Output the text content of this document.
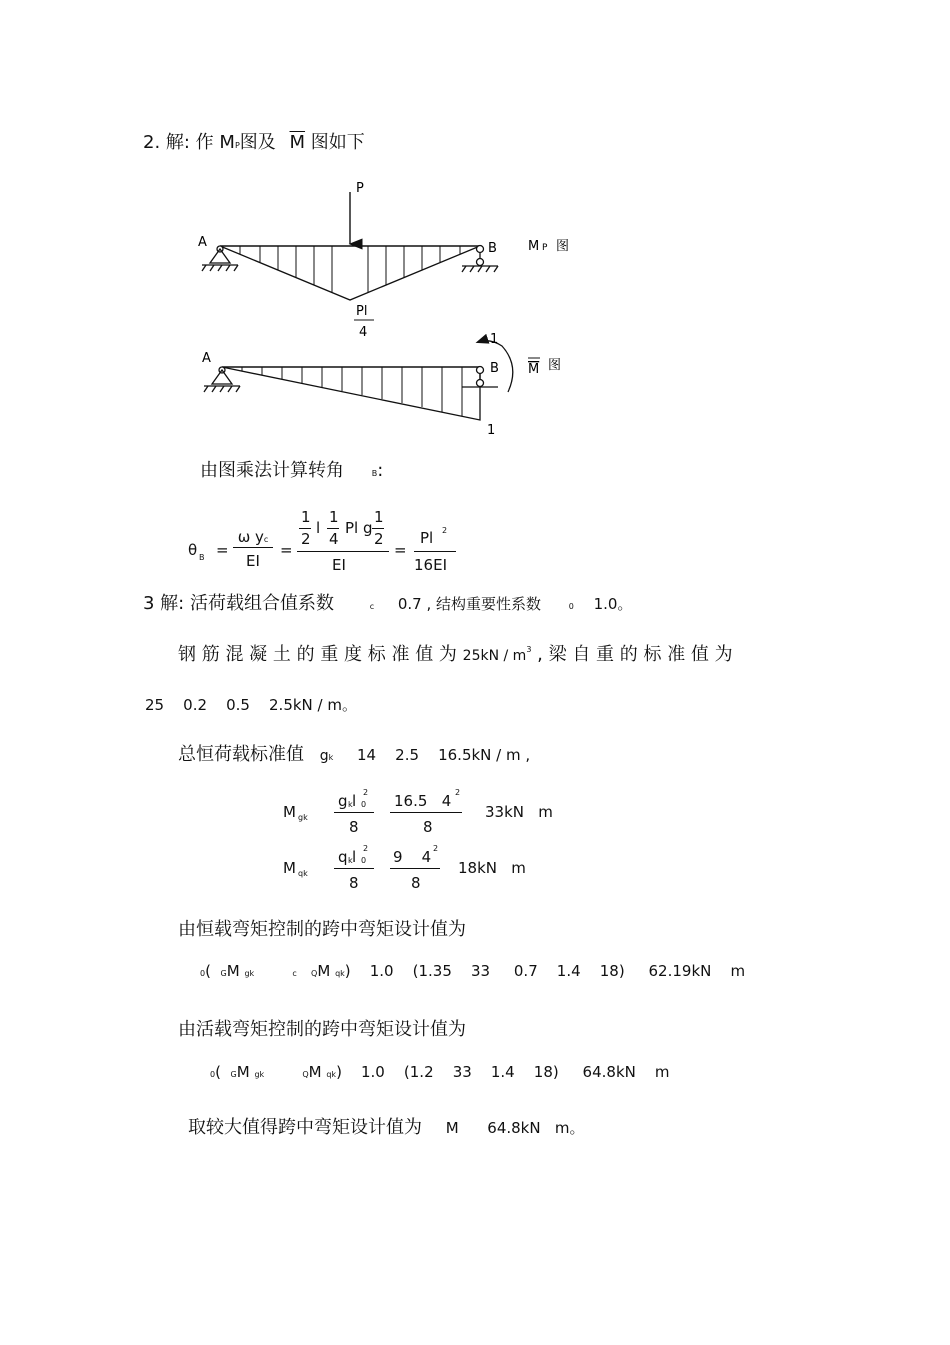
2. 解: 作 MP图及 $\overline{M}$ 图如下
P
A	B
Pl
4
M P 图
A
B
1
1
M 图
由图乘法计算转角	B:
θ $B = \frac{\text{ω yc}}{EI}$ =
1
2
l
1
4
Pl g
1
2
EI
=
Pl 2
16EI
3 解: 活荷载组合值系数	c 0.7 , 结构重要性系数	0 1.0。
钢 筋 混 凝 土 的 重 度 标 准 值 为 $25kN / m^3$ , 梁 自 重 的 标 准 值 为
25    0.2    0.5    2.5kN / m。
总恒荷载标准值 gk 14    2.5    16.5kN / m ,
M gk
g k l 0
2
8
16.5   4 2
8
33kN   m
M qk
q k l 0
2
8
9    4 2
8
18kN   m
由恒载弯矩控制的跨中弯矩设计值为
0( GM gk	c QM qk)    1.0    (1.35    33     0.7    1.4    18)     62.19kN    m
由活载弯矩控制的跨中弯矩设计值为
0( GM gk	QM qk)    1.0    (1.2    33    1.4    18)     64.8kN    m
取较大值得跨中弯矩设计值为 M      64.8kN   m。
